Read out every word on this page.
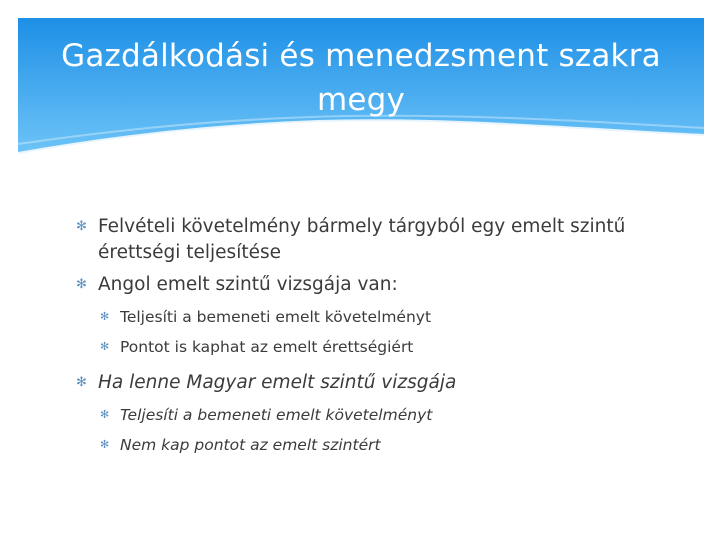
Gazdálkodási és menedzsment szakra megy
✻ Felvételi követelmény bármely tárgyból egy emelt szintű érettségi teljesítése
✻ Angol emelt szintű vizsgája van:
✻ Teljesíti a bemeneti emelt követelményt
✻ Pontot is kaphat az emelt érettségiért
✻ Ha lenne Magyar emelt szintű vizsgája
✻ Teljesíti a bemeneti emelt követelményt
✻ Nem kap pontot az emelt szintért
